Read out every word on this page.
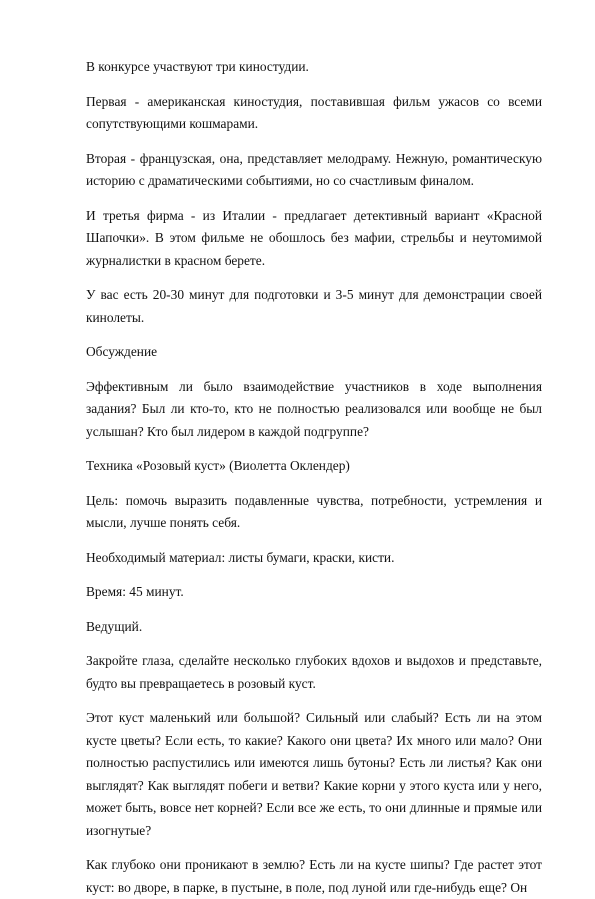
В конкурсе участвуют три киностудии.

Первая - американская киностудия, поставившая фильм ужасов со всеми сопутствующими кошмарами.

Вторая - французская, она, представляет мелодраму. Нежную, романтическую историю с драматическими событиями, но со счастливым финалом.

И третья фирма - из Италии - предлагает детективный вариант «Красной Шапочки». В этом фильме не обошлось без мафии, стрельбы и неутомимой журналистки в красном берете.

У вас есть 20-30 минут для подготовки и 3-5 минут для демонстрации своей кинолеты.

Обсуждение

Эффективным ли было взаимодействие участников в ходе выполнения задания? Был ли кто-то, кто не полностью реализовался или вообще не был услышан? Кто был лидером в каждой подгруппе?

Техника «Розовый куст» (Виолетта Оклендер)

Цель: помочь выразить подавленные чувства, потребности, устремления и мысли, лучше понять себя.

Необходимый материал: листы бумаги, краски, кисти.

Время: 45 минут.

Ведущий.

Закройте глаза, сделайте несколько глубоких вдохов и выдохов и представьте, будто вы превращаетесь в розовый куст.

Этот куст маленький или большой? Сильный или слабый? Есть ли на этом кусте цветы? Если есть, то какие? Какого они цвета? Их много или мало? Они полностью распустились или имеются лишь бутоны? Есть ли листья? Как они выглядят? Как выглядят побеги и ветви? Какие корни у этого куста или у него, может быть, вовсе нет корней? Если все же есть, то они длинные и прямые или изогнутые?

Как глубоко они проникают в землю? Есть ли на кусте шипы? Где растет этот куст: во дворе, в парке, в пустыне, в поле, под луной или где-нибудь еще? Он
